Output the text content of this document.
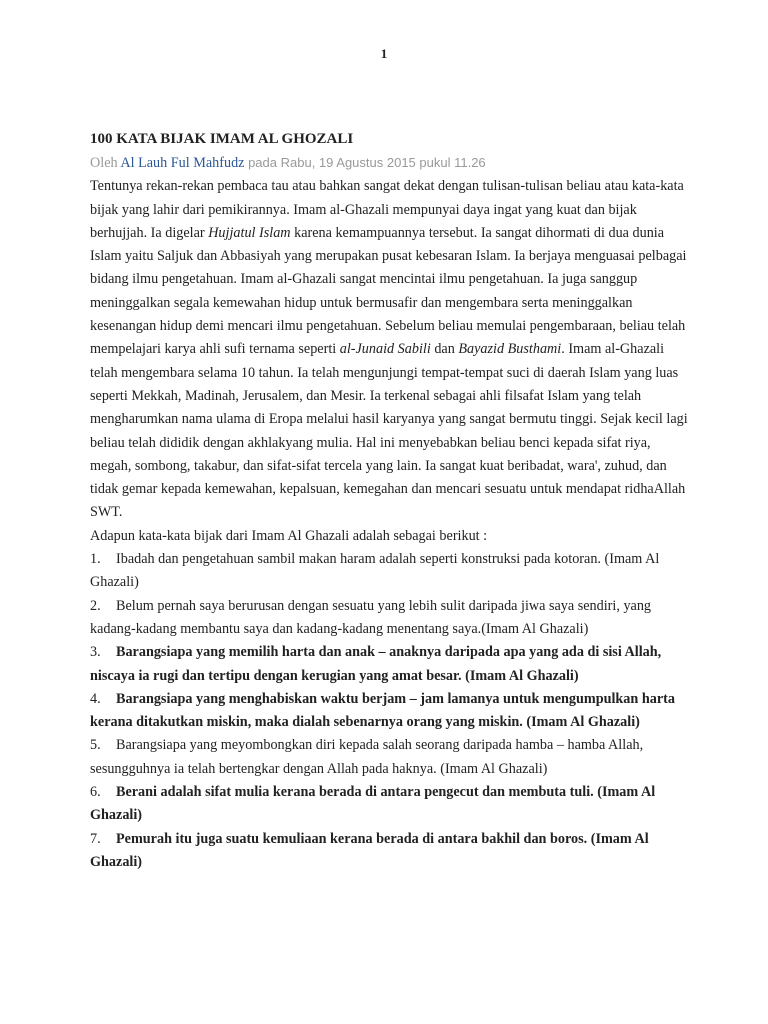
1
100 KATA BIJAK IMAM AL GHOZALI
Oleh Al Lauh Ful Mahfudz pada Rabu, 19 Agustus 2015 pukul 11.26

Tentunya rekan-rekan pembaca tau atau bahkan sangat dekat dengan tulisan-tulisan beliau atau kata-kata bijak yang lahir dari pemikirannya. Imam al-Ghazali mempunyai daya ingat yang kuat dan bijak berhujjah. Ia digelar Hujjatul Islam karena kemampuannya tersebut. Ia sangat dihormati di dua dunia Islam yaitu Saljuk dan Abbasiyah yang merupakan pusat kebesaran Islam. Ia berjaya menguasai pelbagai bidang ilmu pengetahuan. Imam al-Ghazali sangat mencintai ilmu pengetahuan. Ia juga sanggup meninggalkan segala kemewahan hidup untuk bermusafir dan mengembara serta meninggalkan kesenangan hidup demi mencari ilmu pengetahuan. Sebelum beliau memulai pengembaraan, beliau telah mempelajari karya ahli sufi ternama seperti al-Junaid Sabili dan Bayazid Busthami. Imam al-Ghazali telah mengembara selama 10 tahun. Ia telah mengunjungi tempat-tempat suci di daerah Islam yang luas seperti Mekkah, Madinah, Jerusalem, dan Mesir. Ia terkenal sebagai ahli filsafat Islam yang telah mengharumkan nama ulama di Eropa melalui hasil karyanya yang sangat bermutu tinggi. Sejak kecil lagi beliau telah dididik dengan akhlakyang mulia. Hal ini menyebabkan beliau benci kepada sifat riya, megah, sombong, takabur, dan sifat-sifat tercela yang lain. Ia sangat kuat beribadat, wara', zuhud, dan tidak gemar kepada kemewahan, kepalsuan, kemegahan dan mencari sesuatu untuk mendapat ridhaAllah SWT.

Adapun kata-kata bijak dari Imam Al Ghazali adalah sebagai berikut :

1. Ibadah dan pengetahuan sambil makan haram adalah seperti konstruksi pada kotoran. (Imam Al Ghazali)
2. Belum pernah saya berurusan dengan sesuatu yang lebih sulit daripada jiwa saya sendiri, yang kadang-kadang membantu saya dan kadang-kadang menentang saya.(Imam Al Ghazali)
3. Barangsiapa yang memilih harta dan anak – anaknya daripada apa yang ada di sisi Allah, niscaya ia rugi dan tertipu dengan kerugian yang amat besar. (Imam Al Ghazali)
4. Barangsiapa yang menghabiskan waktu berjam – jam lamanya untuk mengumpulkan harta kerana ditakutkan miskin, maka dialah sebenarnya orang yang miskin. (Imam Al Ghazali)
5. Barangsiapa yang meyombongkan diri kepada salah seorang daripada hamba – hamba Allah, sesungguhnya ia telah bertengkar dengan Allah pada haknya. (Imam Al Ghazali)
6. Berani adalah sifat mulia kerana berada di antara pengecut dan membuta tuli. (Imam Al Ghazali)
7. Pemurah itu juga suatu kemuliaan kerana berada di antara bakhil dan boros. (Imam Al Ghazali)
